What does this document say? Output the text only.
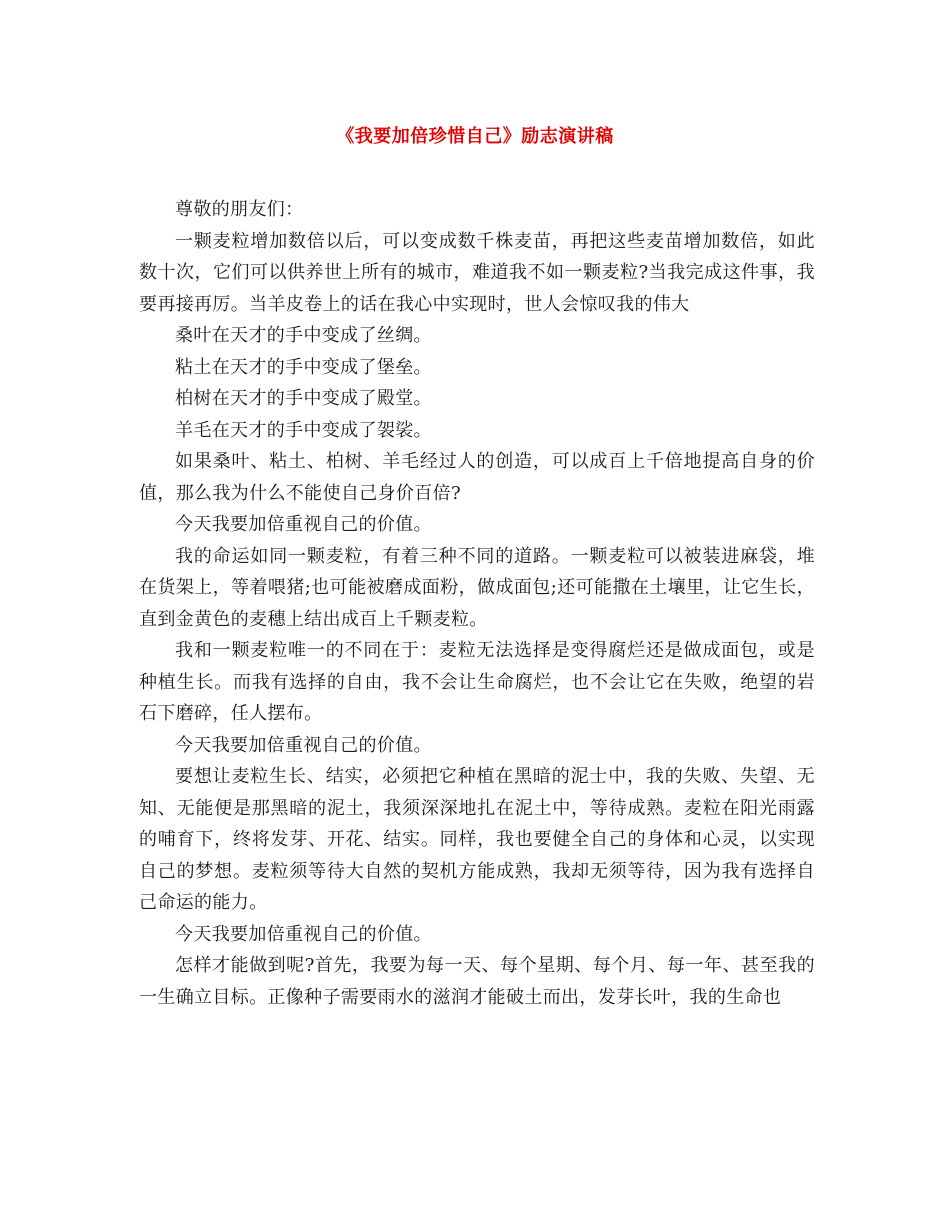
《我要加倍珍惜自己》励志演讲稿

尊敬的朋友们：

一颗麦粒增加数倍以后，可以变成数千株麦苗，再把这些麦苗增加数倍，如此数十次，它们可以供养世上所有的城市，难道我不如一颗麦粒?当我完成这件事，我要再接再厉。当羊皮卷上的话在我心中实现时，世人会惊叹我的伟大

桑叶在天才的手中变成了丝绸。

粘土在天才的手中变成了堡垒。

柏树在天才的手中变成了殿堂。

羊毛在天才的手中变成了袈裟。

如果桑叶、粘土、柏树、羊毛经过人的创造，可以成百上千倍地提高自身的价值，那么我为什么不能使自己身价百倍?

今天我要加倍重视自己的价值。

我的命运如同一颗麦粒，有着三种不同的道路。一颗麦粒可以被装进麻袋，堆在货架上，等着喂猪;也可能被磨成面粉，做成面包;还可能撒在土壤里，让它生长，直到金黄色的麦穗上结出成百上千颗麦粒。

我和一颗麦粒唯一的不同在于：麦粒无法选择是变得腐烂还是做成面包，或是种植生长。而我有选择的自由，我不会让生命腐烂，也不会让它在失败，绝望的岩石下磨碎，任人摆布。

今天我要加倍重视自己的价值。

要想让麦粒生长、结实，必须把它种植在黑暗的泥士中，我的失败、失望、无知、无能便是那黑暗的泥土，我须深深地扎在泥土中，等待成熟。麦粒在阳光雨露的哺育下，终将发芽、开花、结实。同样，我也要健全自己的身体和心灵，以实现自己的梦想。麦粒须等待大自然的契机方能成熟，我却无须等待，因为我有选择自己命运的能力。

今天我要加倍重视自己的价值。

怎样才能做到呢?首先，我要为每一天、每个星期、每个月、每一年、甚至我的一生确立目标。正像种子需要雨水的滋润才能破土而出，发芽长叶，我的生命也
